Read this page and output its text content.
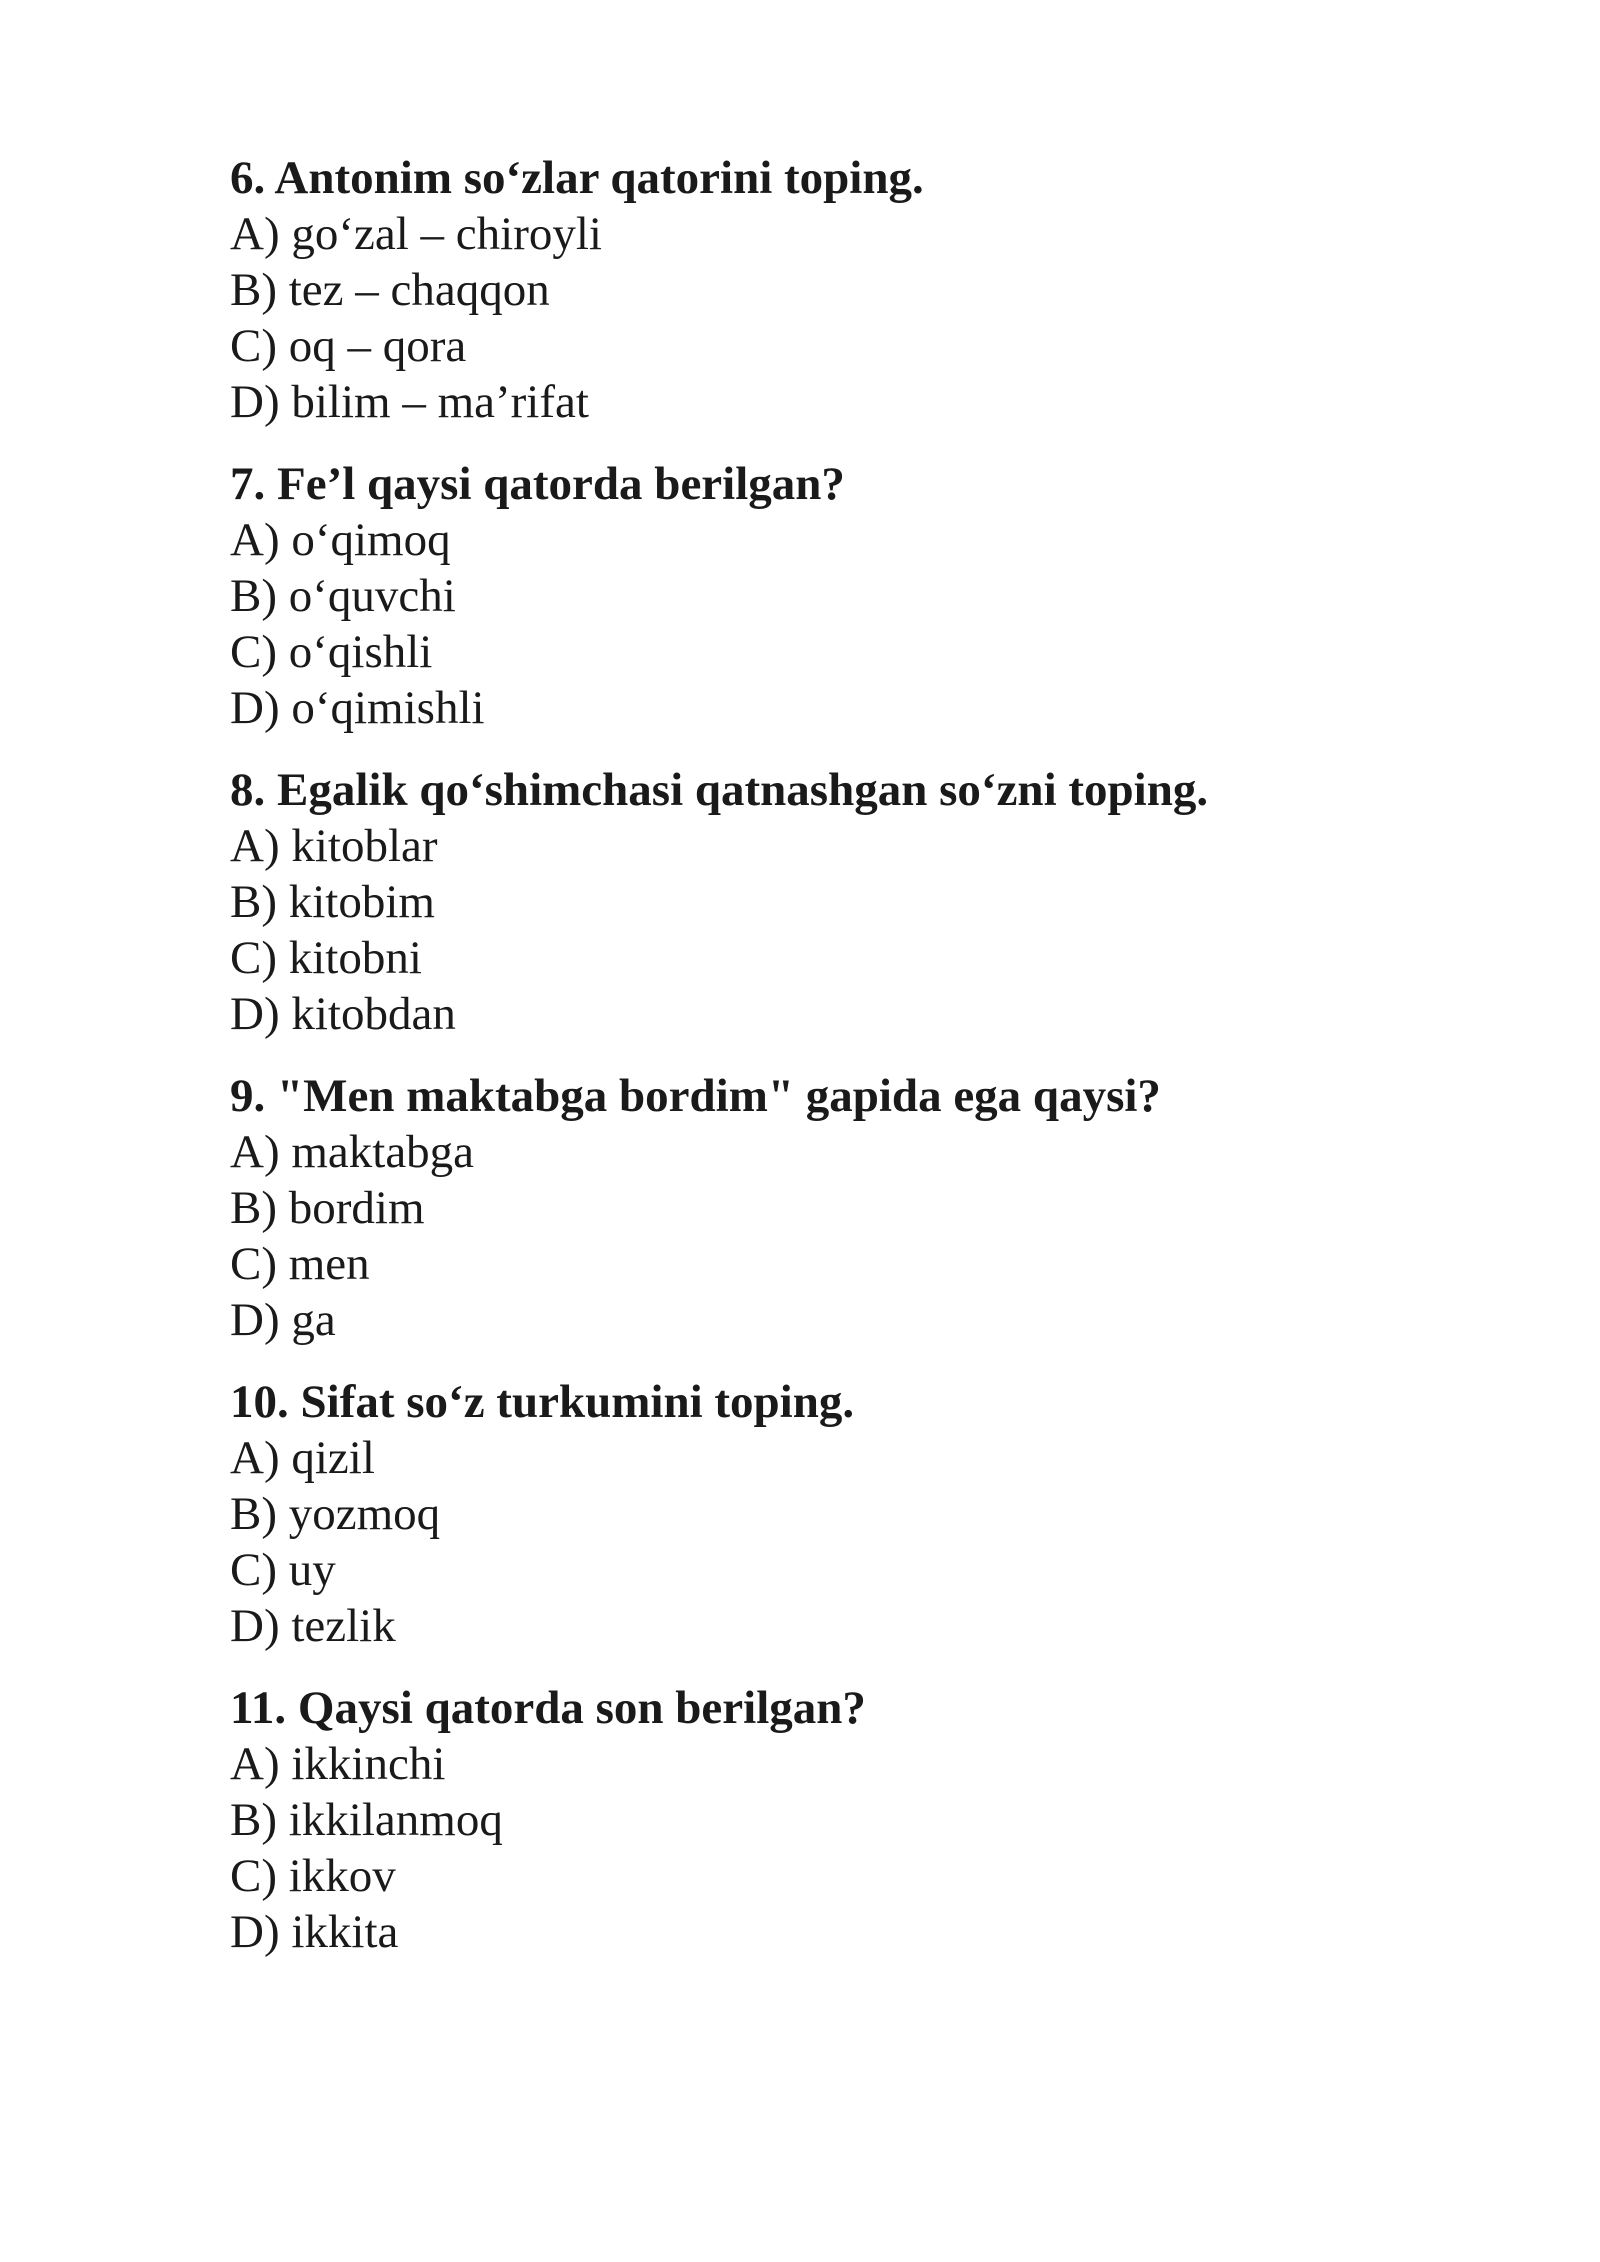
6. Antonim so‘zlar qatorini toping.

A) go‘zal – chiroyli

B) tez – chaqqon

C) oq – qora

D) bilim – ma’rifat

7. Fe’l qaysi qatorda berilgan?

A) o‘qimoq

B) o‘quvchi

C) o‘qishli

D) o‘qimishli

8. Egalik qo‘shimchasi qatnashgan so‘zni toping.

A) kitoblar

B) kitobim

C) kitobni

D) kitobdan

9. "Men maktabga bordim" gapida ega qaysi?

A) maktabga

B) bordim

C) men

D) ga

10. Sifat so‘z turkumini toping.

A) qizil

B) yozmoq

C) uy

D) tezlik

11. Qaysi qatorda son berilgan?

A) ikkinchi

B) ikkilanmoq

C) ikkov

D) ikkita
